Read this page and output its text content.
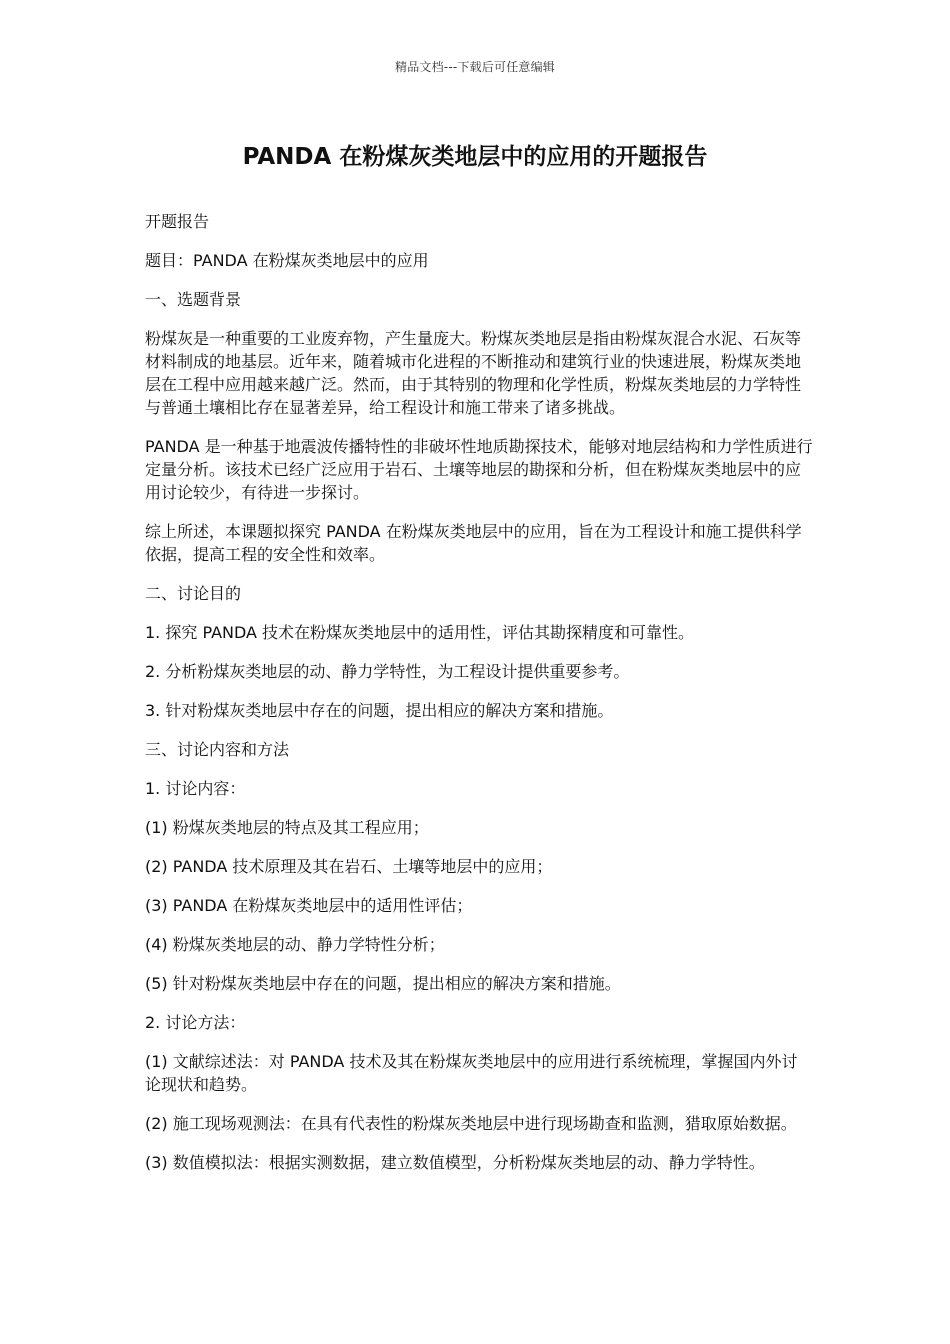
精品文档---下载后可任意编辑
PANDA 在粉煤灰类地层中的应用的开题报告

开题报告

题目：PANDA 在粉煤灰类地层中的应用

一、选题背景

粉煤灰是一种重要的工业废弃物，产生量庞大。粉煤灰类地层是指由粉煤灰混合水泥、石灰等材料制成的地基层。近年来，随着城市化进程的不断推动和建筑行业的快速进展，粉煤灰类地层在工程中应用越来越广泛。然而，由于其特别的物理和化学性质，粉煤灰类地层的力学特性与普通土壤相比存在显著差异，给工程设计和施工带来了诸多挑战。

PANDA 是一种基于地震波传播特性的非破坏性地质勘探技术，能够对地层结构和力学性质进行定量分析。该技术已经广泛应用于岩石、土壤等地层的勘探和分析，但在粉煤灰类地层中的应用讨论较少，有待进一步探讨。

综上所述，本课题拟探究 PANDA 在粉煤灰类地层中的应用，旨在为工程设计和施工提供科学依据，提高工程的安全性和效率。

二、讨论目的

1. 探究 PANDA 技术在粉煤灰类地层中的适用性，评估其勘探精度和可靠性。

2. 分析粉煤灰类地层的动、静力学特性，为工程设计提供重要参考。

3. 针对粉煤灰类地层中存在的问题，提出相应的解决方案和措施。

三、讨论内容和方法

1. 讨论内容：

(1) 粉煤灰类地层的特点及其工程应用；

(2) PANDA 技术原理及其在岩石、土壤等地层中的应用；

(3) PANDA 在粉煤灰类地层中的适用性评估；

(4) 粉煤灰类地层的动、静力学特性分析；

(5) 针对粉煤灰类地层中存在的问题，提出相应的解决方案和措施。

2. 讨论方法：

(1) 文献综述法：对 PANDA 技术及其在粉煤灰类地层中的应用进行系统梳理，掌握国内外讨论现状和趋势。

(2) 施工现场观测法：在具有代表性的粉煤灰类地层中进行现场勘查和监测，猎取原始数据。

(3) 数值模拟法：根据实测数据，建立数值模型，分析粉煤灰类地层的动、静力学特性。
